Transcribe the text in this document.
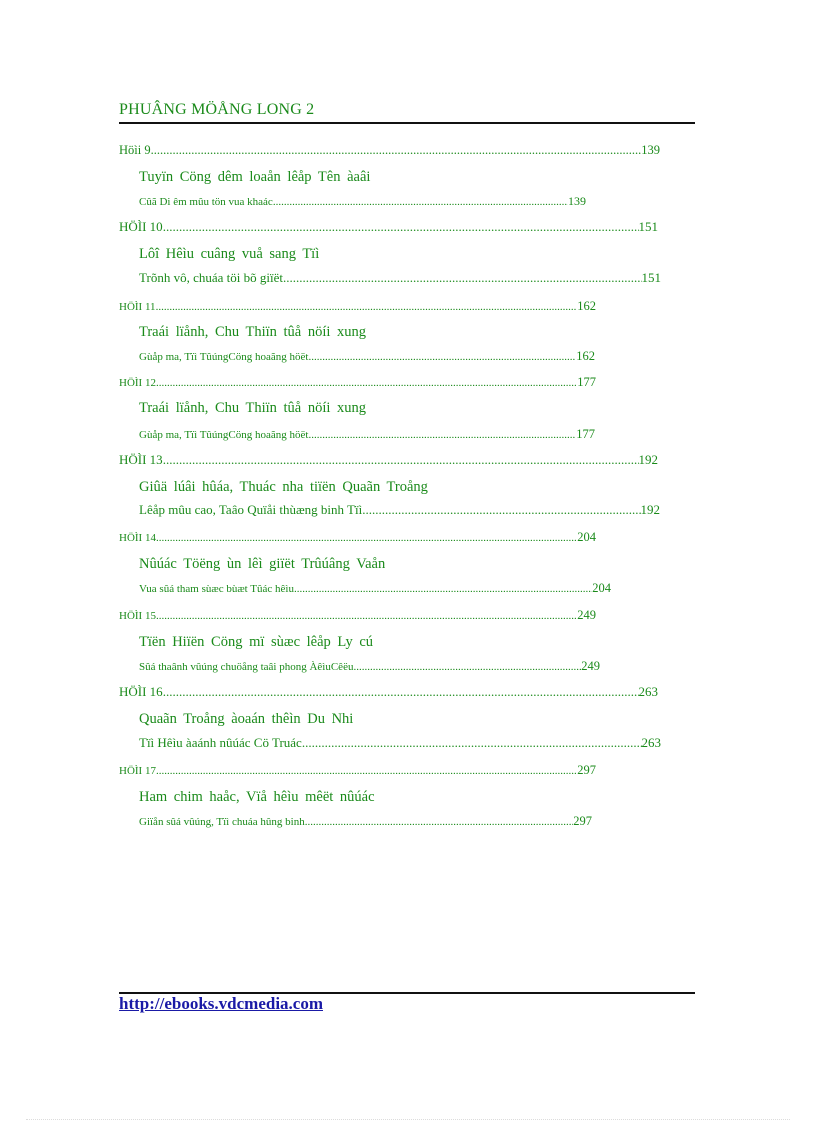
PHUÂNG MÖÅNG LONG 2
Höìi 9 .....	139
Tuyïn Cöng dêm loaån lêåp Tên àaâi
Cûã Di êm mûu tön vua khaác .....	139
HÖÌI 10 .....	151
Lôî Hêìu cuâng vuå sang Tïì
Trõnh vô, chuáa töi bõ giïët .....	151
HÖÌI 11 .....	162
Traái lïånh, Chu Thiïn tûå nöíi xung
Gùåp ma, Tïì TûúngCöng hoaãng höët .....	162
HÖÌI 12 .....	177
Traái lïånh, Chu Thiïn tûå nöíi xung
Gùåp ma, Tïì TûúngCöng hoaãng höët .....	177
HÖÌI 13 .....	192
Giûä lúâi hûáa, Thuác nha tiïën Quaãn Troång
Lêåp mûu cao, Taâo Quïåi thùæng binh Tïì .....	192
HÖÌI 14 .....	204
Nûúác Töëng ùn lêì giïët Trûúâng Vaån
Vua sûá tham sùæc bùæt Tûác hêìu .....	204
HÖÌI 15 .....	249
Tïën Hiïën Cöng mï sùæc lêåp Ly cú
Sûá thaânh vûúng chuöång taâi phong ÀêìuCêëu .....	249
HÖÌI 16 .....	263
Quaãn Troång àoaán thêìn Du Nhi
Tïì Hêìu àaánh nûúác Cö Truác .....	263
HÖÌI 17 .....	297
Ham chim haåc, Vïå hêìu mêët nûúác
Giïån sûá vûúng, Tïì chuáa hûng binh .....	297
http://ebooks.vdcmedia.com
